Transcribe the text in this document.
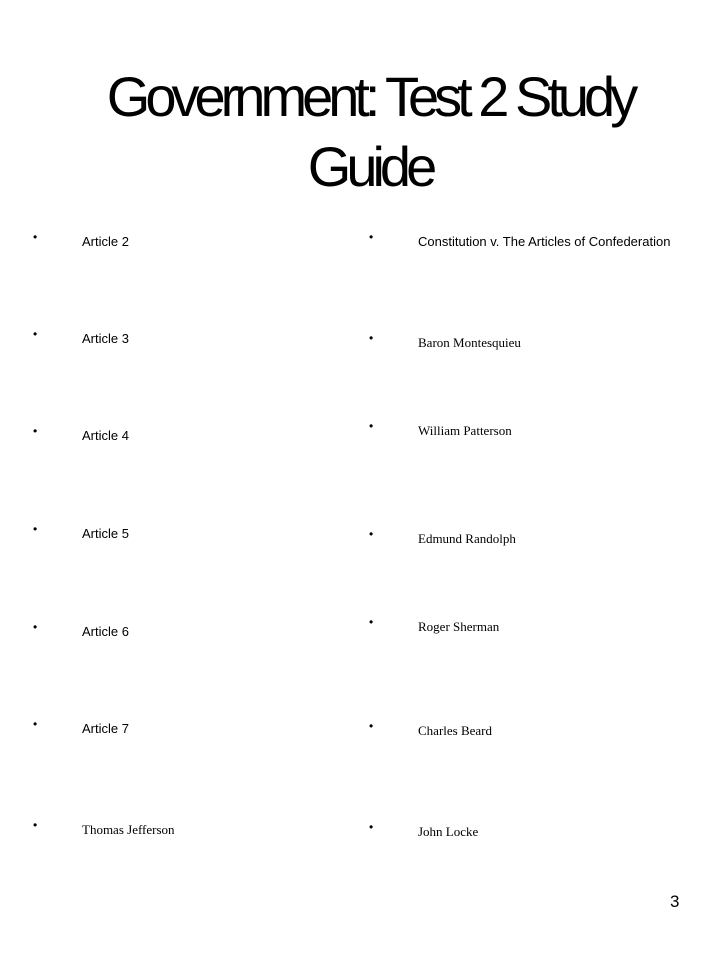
Government: Test 2 Study Guide
•	Article 2
•	Article 3
•	Article 4
•	Article 5
•	Article 6
•	Article 7
•	Thomas Jefferson
•	Constitution v. The Articles of Confederation
•	Baron Montesquieu
•	William Patterson
•	Edmund Randolph
•	Roger Sherman
•	Charles Beard
•	John Locke
3
